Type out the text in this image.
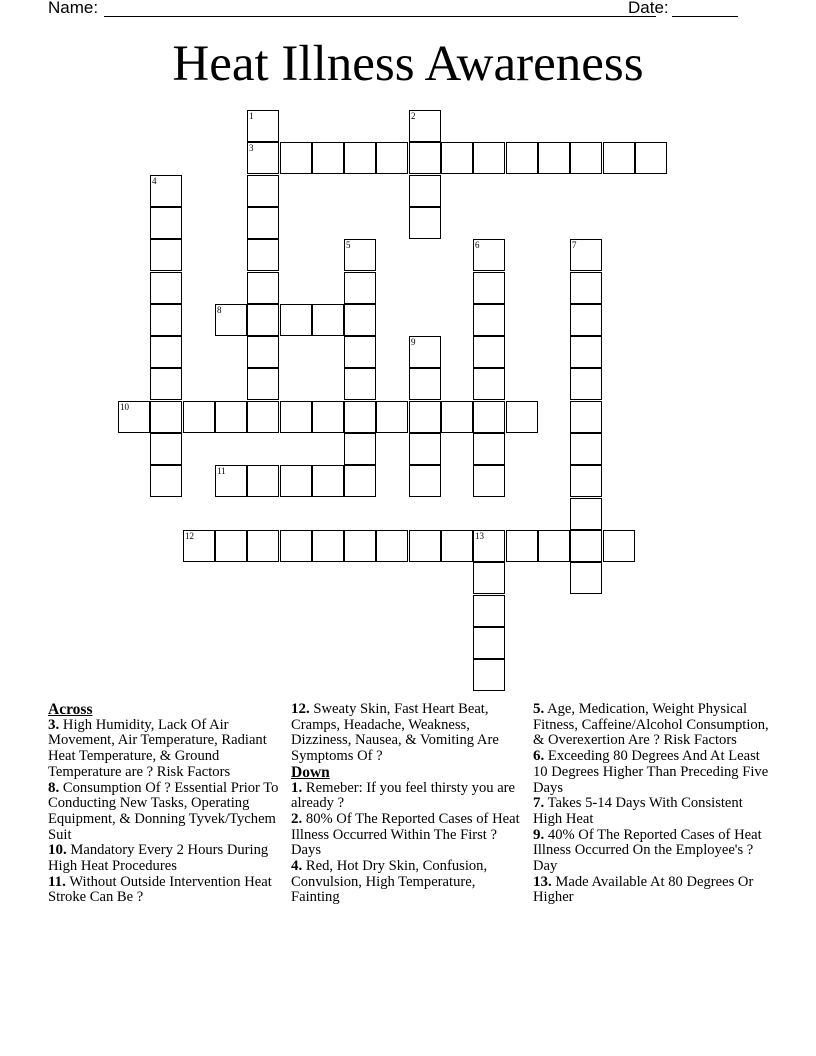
Name:	Date:
Heat Illness Awareness
1
3
2
4
5	6	7
8
9
10
11
12	13
Across

3. High Humidity, Lack Of Air Movement, Air Temperature, Radiant Heat Temperature, & Ground Temperature are ? Risk Factors

8. Consumption Of ? Essential Prior To Conducting New Tasks, Operating Equipment, & Donning Tyvek/Tychem Suit

10. Mandatory Every 2 Hours During High Heat Procedures

11. Without Outside Intervention Heat Stroke Can Be ?

12. Sweaty Skin, Fast Heart Beat, Cramps, Headache, Weakness, Dizziness, Nausea, & Vomiting Are Symptoms Of ?

Down

1. Remeber: If you feel thirsty you are already ?

2. 80% Of The Reported Cases of Heat Illness Occurred Within The First ? Days

4. Red, Hot Dry Skin, Confusion, Convulsion, High Temperature, Fainting

5. Age, Medication, Weight Physical Fitness, Caffeine/Alcohol Consumption, & Overexertion Are ? Risk Factors

6. Exceeding 80 Degrees And At Least 10 Degrees Higher Than Preceding Five Days

7. Takes 5-14 Days With Consistent High Heat

9. 40% Of The Reported Cases of Heat Illness Occurred On the Employee's ? Day

13. Made Available At 80 Degrees Or Higher
